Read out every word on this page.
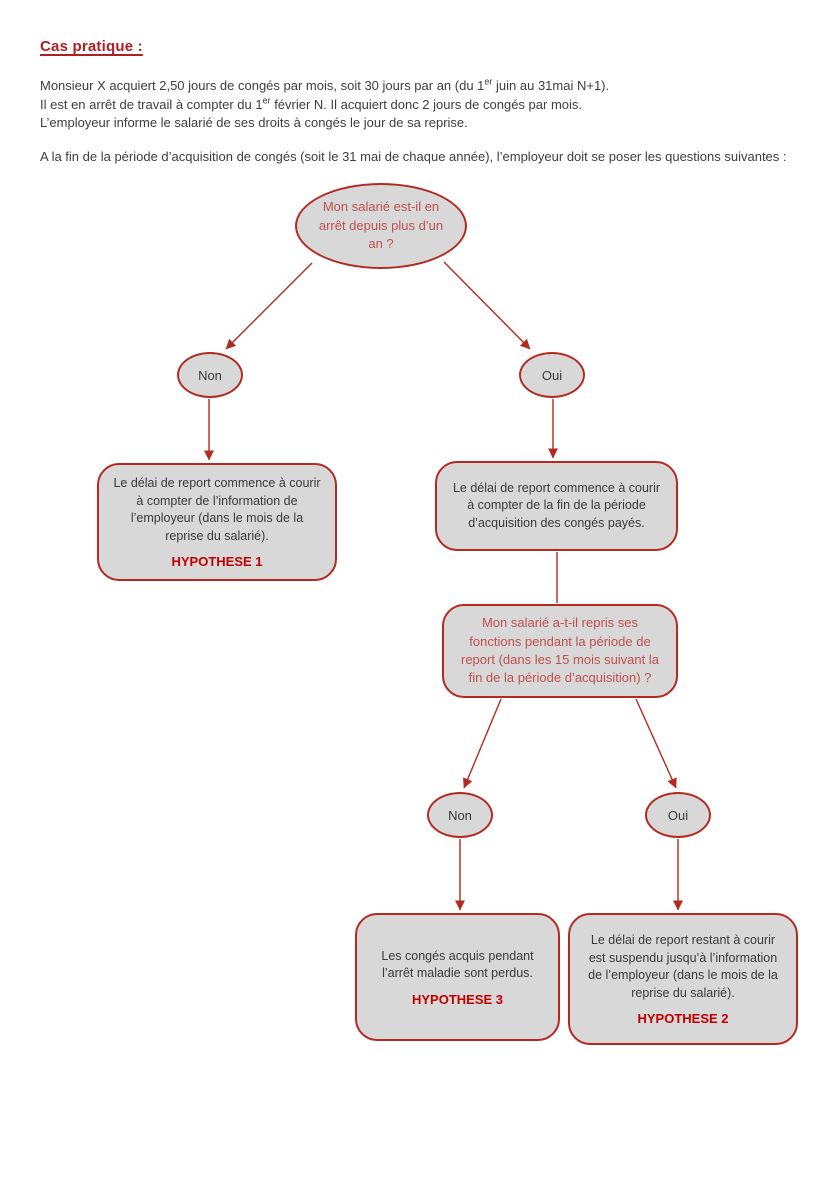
Cas pratique :

Monsieur X acquiert 2,50 jours de congés par mois, soit 30 jours par an (du 1er juin au 31mai N+1).
Il est en arrêt de travail à compter du 1er février N. Il acquiert donc 2 jours de congés par mois.
L’employeur informe le salarié de ses droits à congés le jour de sa reprise.

A la fin de la période d’acquisition de congés (soit le 31 mai de chaque année), l’employeur doit se poser les questions suivantes :

Mon salarié est-il en arrêt depuis plus d’un an ?
Non	Oui
Le délai de report commence à courir à compter de l’information de l’employeur (dans le mois de la reprise du salarié).
HYPOTHESE 1
Le délai de report commence à courir à compter de la fin de la période d’acquisition des congés payés.
Mon salarié a-t-il repris ses fonctions pendant la période de report (dans les 15 mois suivant la fin de la période d’acquisition) ?
Non	Oui
Les congés acquis pendant l’arrêt maladie sont perdus.
HYPOTHESE 3
Le délai de report restant à courir est suspendu jusqu’à l’information de l’employeur (dans le mois de la reprise du salarié).
HYPOTHESE 2
